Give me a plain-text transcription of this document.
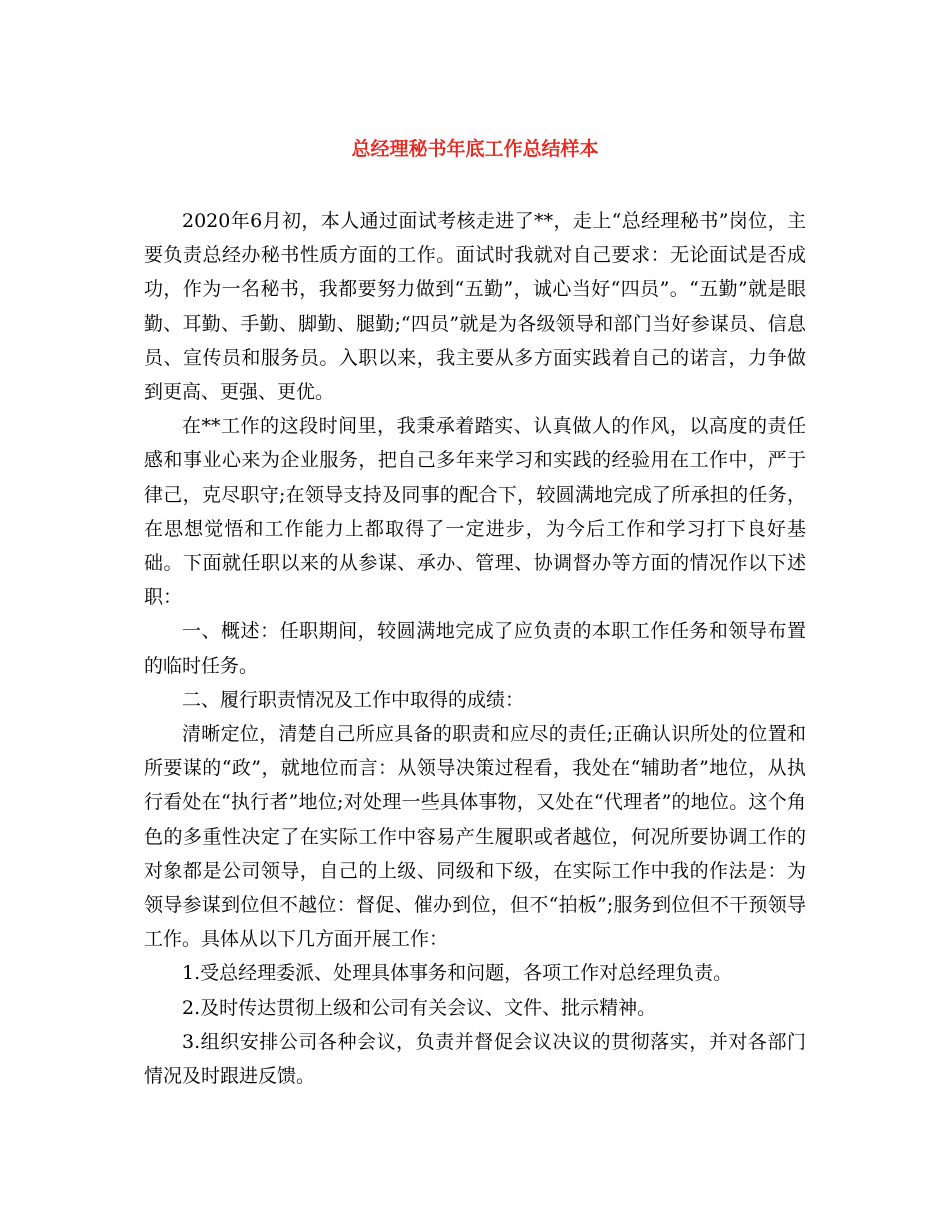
总经理秘书年底工作总结样本

2020年6月初，本人通过面试考核走进了**，走上“总经理秘书”岗位，主要负责总经办秘书性质方面的工作。面试时我就对自己要求：无论面试是否成功，作为一名秘书，我都要努力做到“五勤”，诚心当好“四员”。“五勤”就是眼勤、耳勤、手勤、脚勤、腿勤;“四员”就是为各级领导和部门当好参谋员、信息员、宣传员和服务员。入职以来，我主要从多方面实践着自己的诺言，力争做到更高、更强、更优。

在**工作的这段时间里，我秉承着踏实、认真做人的作风，以高度的责任感和事业心来为企业服务，把自己多年来学习和实践的经验用在工作中，严于律己，克尽职守;在领导支持及同事的配合下，较圆满地完成了所承担的任务，在思想觉悟和工作能力上都取得了一定进步，为今后工作和学习打下良好基础。下面就任职以来的从参谋、承办、管理、协调督办等方面的情况作以下述职：

一、概述：任职期间，较圆满地完成了应负责的本职工作任务和领导布置的临时任务。

二、履行职责情况及工作中取得的成绩：

清晰定位，清楚自己所应具备的职责和应尽的责任;正确认识所处的位置和所要谋的“政”，就地位而言：从领导决策过程看，我处在“辅助者”地位，从执行看处在“执行者”地位;对处理一些具体事物，又处在“代理者”的地位。这个角色的多重性决定了在实际工作中容易产生履职或者越位，何况所要协调工作的对象都是公司领导，自己的上级、同级和下级，在实际工作中我的作法是：为领导参谋到位但不越位：督促、催办到位，但不“拍板”;服务到位但不干预领导工作。具体从以下几方面开展工作：

1.受总经理委派、处理具体事务和问题，各项工作对总经理负责。

2.及时传达贯彻上级和公司有关会议、文件、批示精神。

3.组织安排公司各种会议，负责并督促会议决议的贯彻落实，并对各部门情况及时跟进反馈。
